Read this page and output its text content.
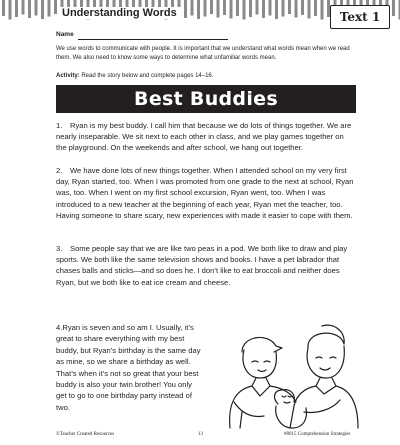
Understanding Words	Text 1
Name

We use words to communicate with people. It is important that we understand what words mean when we read them. We also need to know some ways to determine what unfamiliar words mean.

Activity: Read the story below and complete pages 14–16.

Best Buddies

1. Ryan is my best buddy. I call him that because we do lots of things together. We are nearly inseparable. We sit next to each other in class, and we play games together on the playground. On the weekends and after school, we hang out together.

2. We have done lots of new things together. When I attended school on my very first day, Ryan started, too. When I was promoted from one grade to the next at school, Ryan was, too. When I went on my first school excursion, Ryan went, too. When I was introduced to a new teacher at the beginning of each year, Ryan met the teacher, too. Having someone to share scary, new experiences with made it easier to cope with them.

3. Some people say that we are like two peas in a pod. We both like to draw and play sports. We both like the same television shows and books. I have a pet labrador that chases balls and sticks—and so does he. I don’t like to eat broccoli and neither does Ryan, but we both like to eat ice cream and cheese.

4.Ryan is seven and so am I. Usually, it’s great to share everything with my best buddy, but Ryan’s birthday is the same day as mine, so we share a birthday as well. That’s when it’s not so great that your best buddy is also your twin brother! You only get to go to one birthday party instead of two.

©Teacher Created Resources	13	#8015 Comprehension Strategies
